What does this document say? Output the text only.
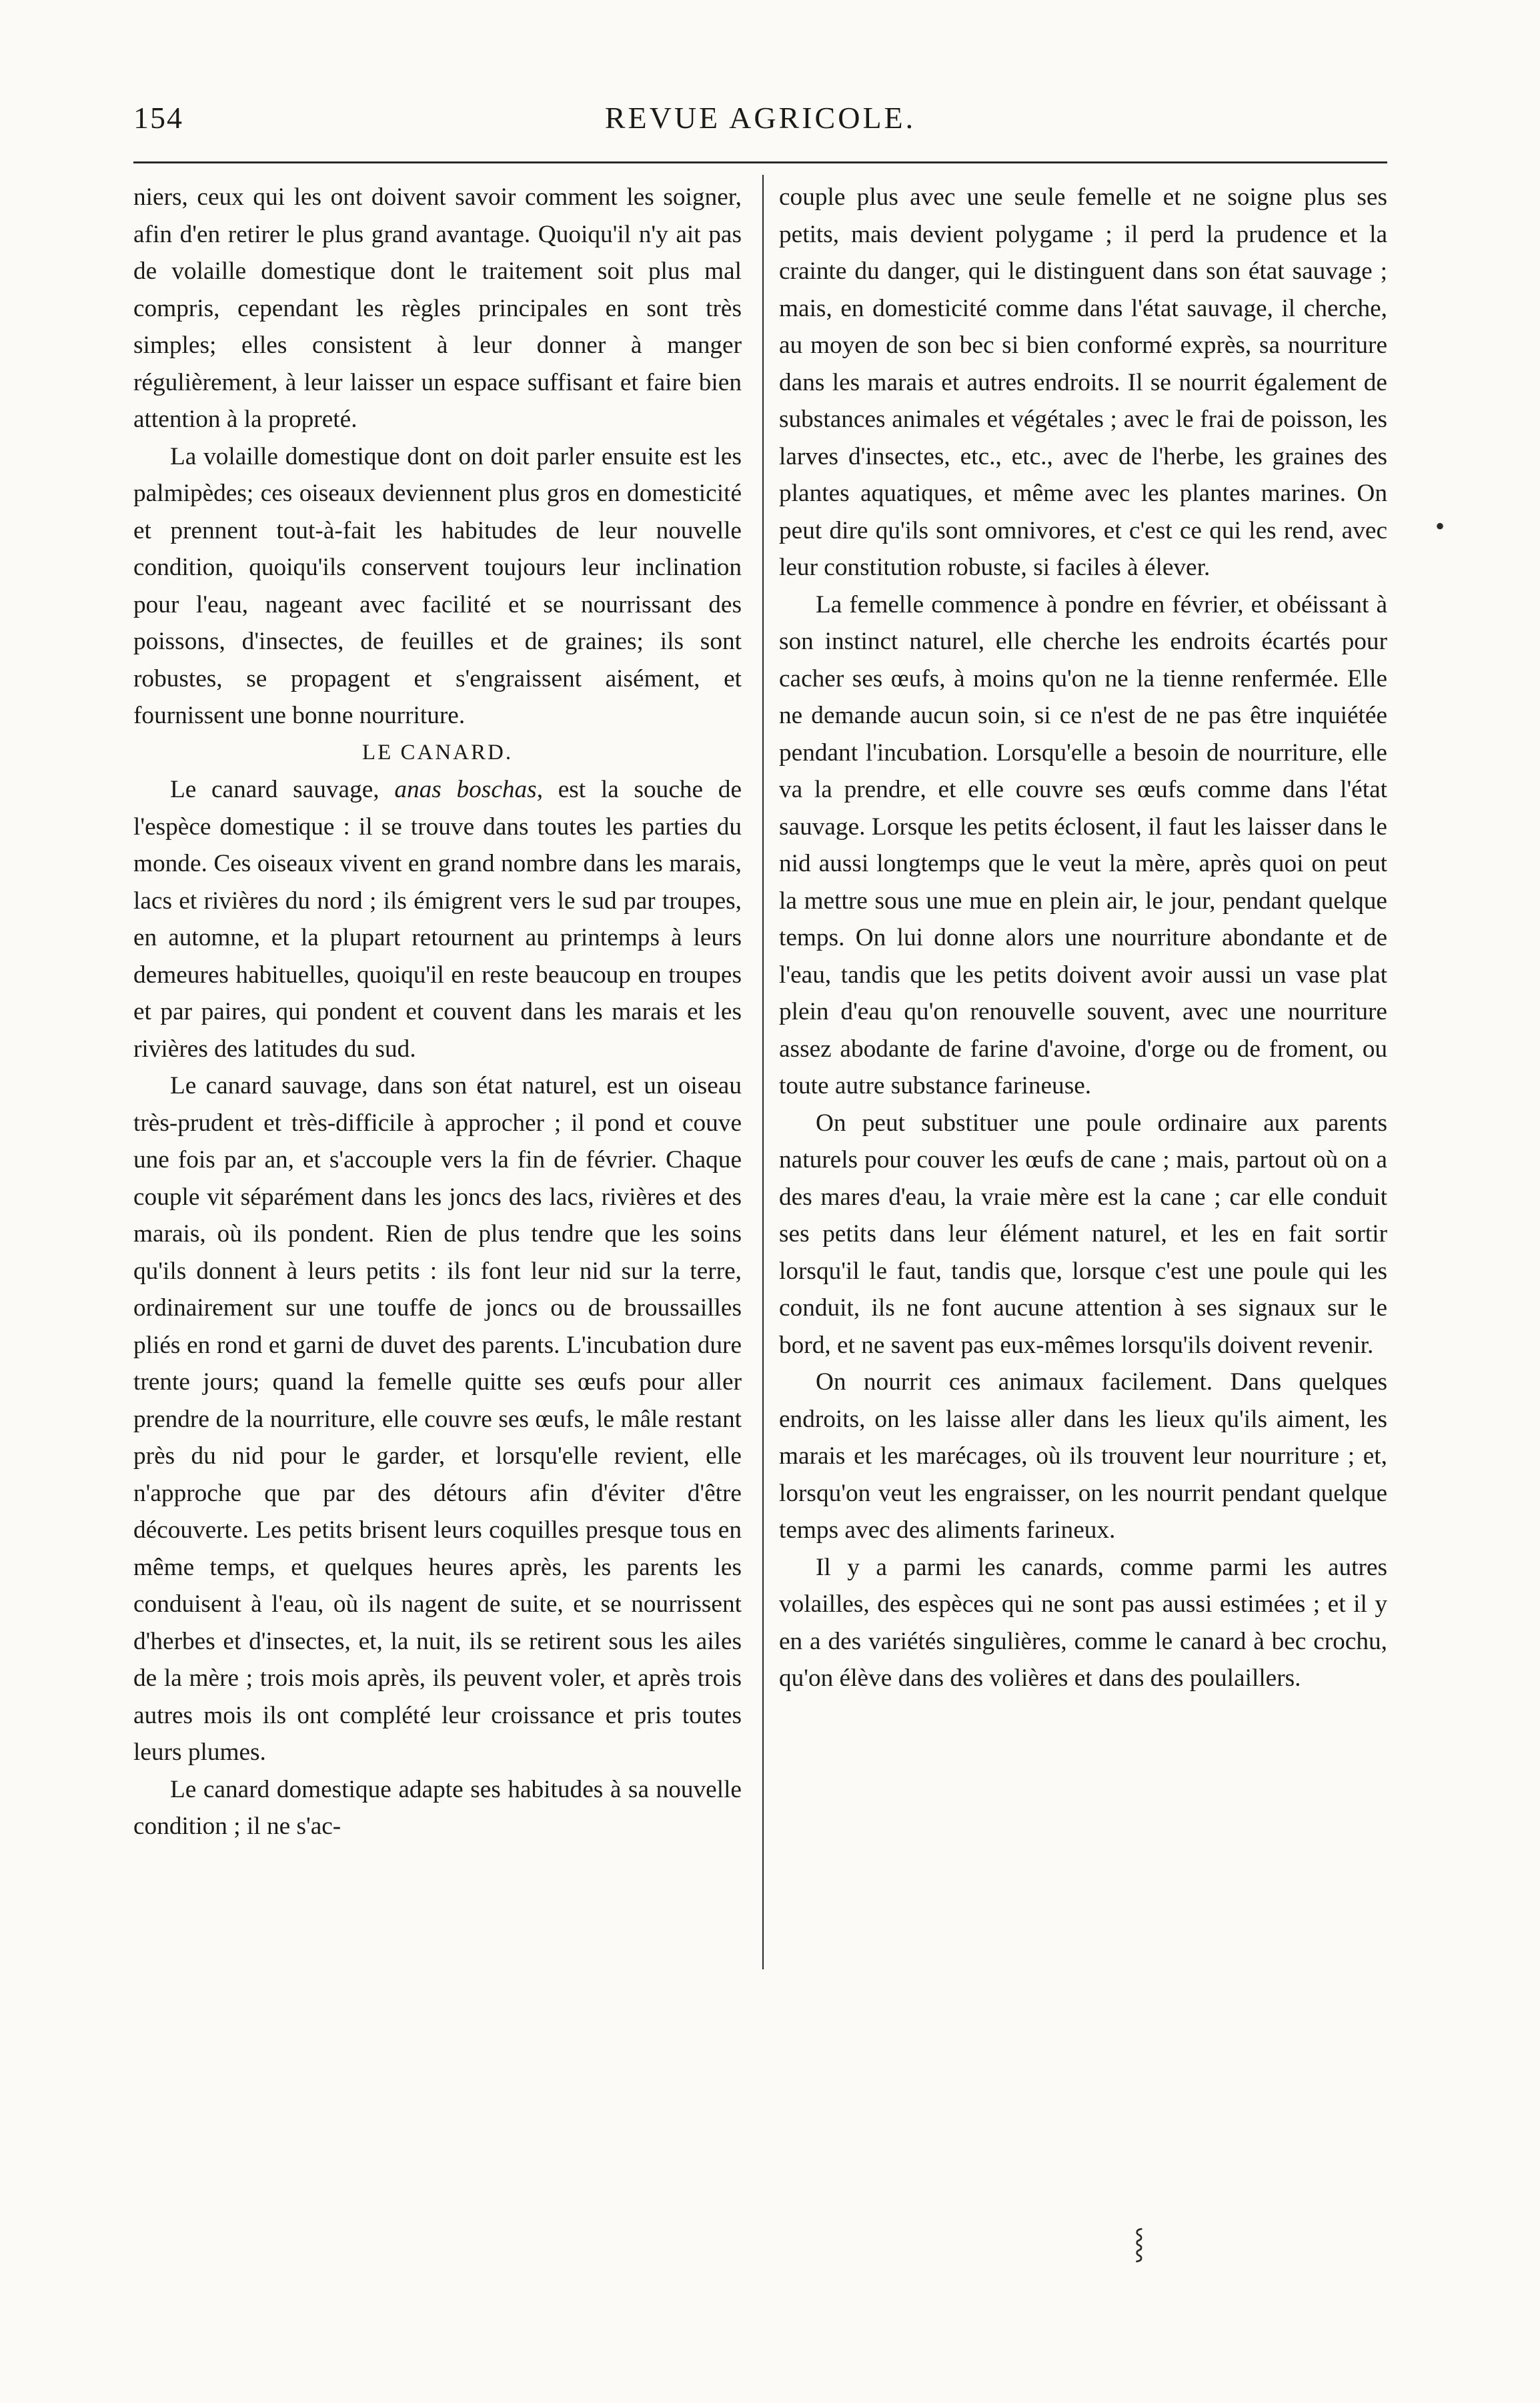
154	REVUE AGRICOLE.

niers, ceux qui les ont doivent savoir comment les soigner, afin d'en retirer le plus grand avantage. Quoiqu'il n'y ait pas de volaille domestique dont le traitement soit plus mal compris, cependant les règles principales en sont très simples; elles consistent à leur donner à manger régulièrement, à leur laisser un espace suffisant et faire bien attention à la propreté.

La volaille domestique dont on doit parler ensuite est les palmipèdes; ces oiseaux deviennent plus gros en domesticité et prennent tout-à-fait les habitudes de leur nouvelle condition, quoiqu'ils conservent toujours leur inclination pour l'eau, nageant avec facilité et se nourrissant des poissons, d'insectes, de feuilles et de graines; ils sont robustes, se propagent et s'engraissent aisément, et fournissent une bonne nourriture.

LE CANARD.

Le canard sauvage, anas boschas, est la souche de l'espèce domestique : il se trouve dans toutes les parties du monde. Ces oiseaux vivent en grand nombre dans les marais, lacs et rivières du nord ; ils émigrent vers le sud par troupes, en automne, et la plupart retournent au printemps à leurs demeures habituelles, quoiqu'il en reste beaucoup en troupes et par paires, qui pondent et couvent dans les marais et les rivières des latitudes du sud.

Le canard sauvage, dans son état naturel, est un oiseau très-prudent et très-difficile à approcher ; il pond et couve une fois par an, et s'accouple vers la fin de février. Chaque couple vit séparément dans les joncs des lacs, rivières et des marais, où ils pondent. Rien de plus tendre que les soins qu'ils donnent à leurs petits : ils font leur nid sur la terre, ordinairement sur une touffe de joncs ou de broussailles pliés en rond et garni de duvet des parents. L'incubation dure trente jours; quand la femelle quitte ses œufs pour aller prendre de la nourriture, elle couvre ses œufs, le mâle restant près du nid pour le garder, et lorsqu'elle revient, elle n'approche que par des détours afin d'éviter d'être découverte. Les petits brisent leurs coquilles presque tous en même temps, et quelques heures après, les parents les conduisent à l'eau, où ils nagent de suite, et se nourrissent d'herbes et d'insectes, et, la nuit, ils se retirent sous les ailes de la mère ; trois mois après, ils peuvent voler, et après trois autres mois ils ont complété leur croissance et pris toutes leurs plumes.

Le canard domestique adapte ses habitudes à sa nouvelle condition ; il ne s'ac-

couple plus avec une seule femelle et ne soigne plus ses petits, mais devient polygame ; il perd la prudence et la crainte du danger, qui le distinguent dans son état sauvage ; mais, en domesticité comme dans l'état sauvage, il cherche, au moyen de son bec si bien conformé exprès, sa nourriture dans les marais et autres endroits. Il se nourrit également de substances animales et végétales ; avec le frai de poisson, les larves d'insectes, etc., etc., avec de l'herbe, les graines des plantes aquatiques, et même avec les plantes marines. On peut dire qu'ils sont omnivores, et c'est ce qui les rend, avec leur constitution robuste, si faciles à élever.

La femelle commence à pondre en février, et obéissant à son instinct naturel, elle cherche les endroits écartés pour cacher ses œufs, à moins qu'on ne la tienne renfermée. Elle ne demande aucun soin, si ce n'est de ne pas être inquiétée pendant l'incubation. Lorsqu'elle a besoin de nourriture, elle va la prendre, et elle couvre ses œufs comme dans l'état sauvage. Lorsque les petits éclosent, il faut les laisser dans le nid aussi longtemps que le veut la mère, après quoi on peut la mettre sous une mue en plein air, le jour, pendant quelque temps. On lui donne alors une nourriture abondante et de l'eau, tandis que les petits doivent avoir aussi un vase plat plein d'eau qu'on renouvelle souvent, avec une nourriture assez abodante de farine d'avoine, d'orge ou de froment, ou toute autre substance farineuse.

On peut substituer une poule ordinaire aux parents naturels pour couver les œufs de cane ; mais, partout où on a des mares d'eau, la vraie mère est la cane ; car elle conduit ses petits dans leur élément naturel, et les en fait sortir lorsqu'il le faut, tandis que, lorsque c'est une poule qui les conduit, ils ne font aucune attention à ses signaux sur le bord, et ne savent pas eux-mêmes lorsqu'ils doivent revenir.

On nourrit ces animaux facilement. Dans quelques endroits, on les laisse aller dans les lieux qu'ils aiment, les marais et les marécages, où ils trouvent leur nourriture ; et, lorsqu'on veut les engraisser, on les nourrit pendant quelque temps avec des aliments farineux.

Il y a parmi les canards, comme parmi les autres volailles, des espèces qui ne sont pas aussi estimées ; et il y en a des variétés singulières, comme le canard à bec crochu, qu'on élève dans des volières et dans des poulaillers.

•
⸾
